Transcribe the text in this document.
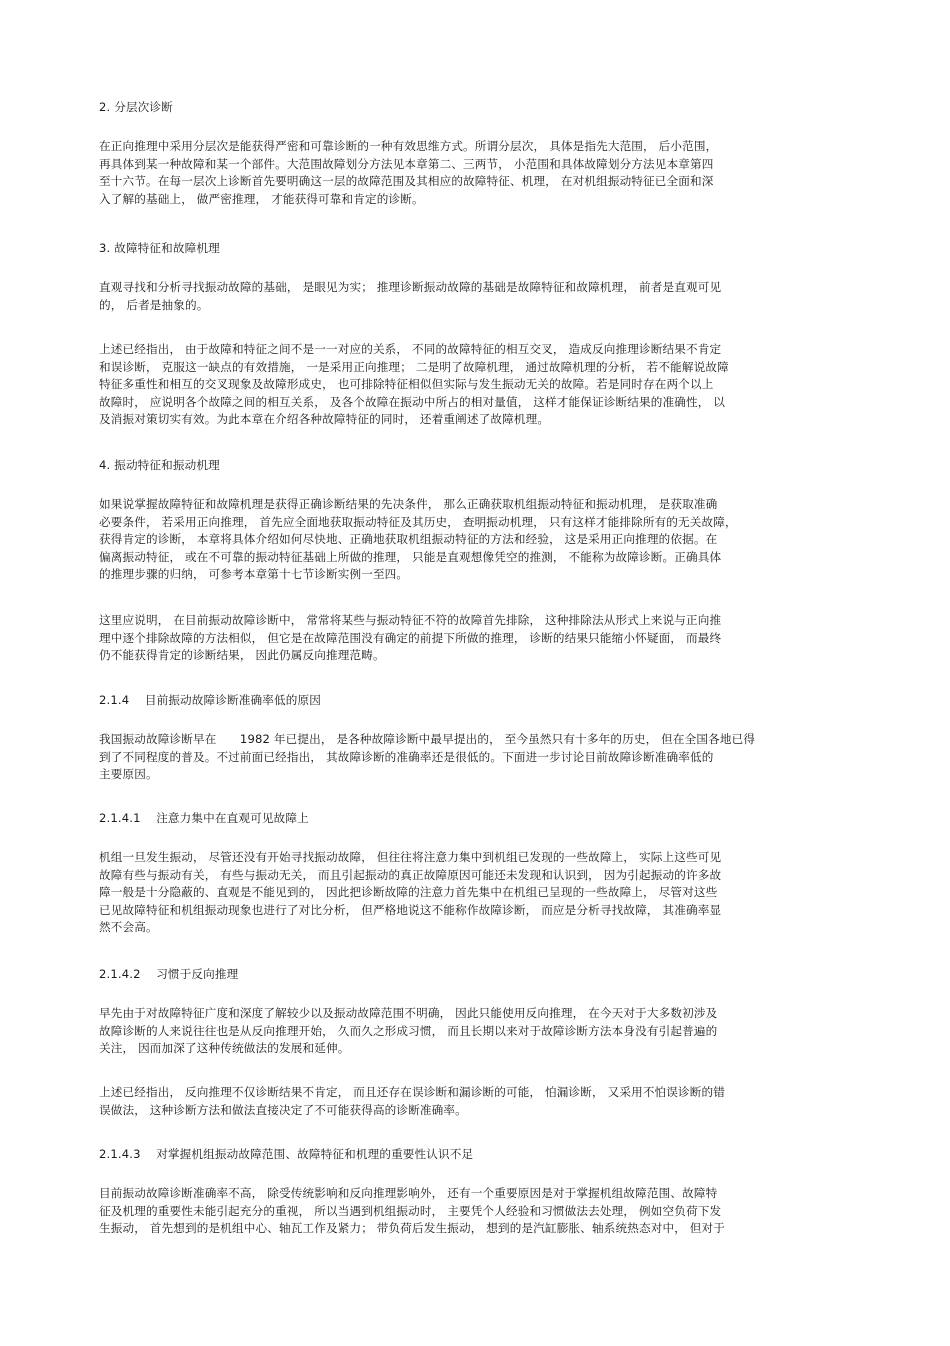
2. 分层次诊断
在正向推理中采用分层次是能获得严密和可靠诊断的一种有效思维方式。所谓分层次， 具体是指先大范围， 后小范围，
再具体到某一种故障和某一个部件。大范围故障划分方法见本章第二、三两节， 小范围和具体故障划分方法见本章第四
至十六节。在每一层次上诊断首先要明确这一层的故障范围及其相应的故障特征、机理， 在对机组振动特征已全面和深
入了解的基础上， 做严密推理， 才能获得可靠和肯定的诊断。
3. 故障特征和故障机理
直观寻找和分析寻找振动故障的基础， 是眼见为实； 推理诊断振动故障的基础是故障特征和故障机理， 前者是直观可见
的， 后者是抽象的。
上述已经指出， 由于故障和特征之间不是一一对应的关系， 不同的故障特征的相互交叉， 造成反向推理诊断结果不肯定
和误诊断， 克服这一缺点的有效措施， 一是采用正向推理； 二是明了故障机理， 通过故障机理的分析， 若不能解说故障
特征多重性和相互的交叉现象及故障形成史， 也可排除特征相似但实际与发生振动无关的故障。若是同时存在两个以上
故障时， 应说明各个故障之间的相互关系， 及各个故障在振动中所占的相对量值， 这样才能保证诊断结果的准确性， 以
及消振对策切实有效。为此本章在介绍各种故障特征的同时， 还着重阐述了故障机理。
4. 振动特征和振动机理
如果说掌握故障特征和故障机理是获得正确诊断结果的先决条件， 那么正确获取机组振动特征和振动机理， 是获取准确
必要条件， 若采用正向推理， 首先应全面地获取振动特征及其历史， 查明振动机理， 只有这样才能排除所有的无关故障，
获得肯定的诊断， 本章将具体介绍如何尽快地、正确地获取机组振动特征的方法和经验， 这是采用正向推理的依据。在
偏离振动特征， 或在不可靠的振动特征基础上所做的推理， 只能是直观想像凭空的推测， 不能称为故障诊断。正确具体
的推理步骤的归纳， 可参考本章第十七节诊断实例一至四。
这里应说明， 在目前振动故障诊断中， 常常将某些与振动特征不符的故障首先排除， 这种排除法从形式上来说与正向推
理中逐个排除故障的方法相似， 但它是在故障范围没有确定的前提下所做的推理， 诊断的结果只能缩小怀疑面， 而最终
仍不能获得肯定的诊断结果， 因此仍属反向推理范畴。
2.1.4　 目前振动故障诊断准确率低的原因
我国振动故障诊断早在　　1982 年已提出， 是各种故障诊断中最早提出的， 至今虽然只有十多年的历史， 但在全国各地已得
到了不同程度的普及。不过前面已经指出， 其故障诊断的准确率还是很低的。下面进一步讨论目前故障诊断准确率低的
主要原因。
2.1.4.1　 注意力集中在直观可见故障上
机组一旦发生振动， 尽管还没有开始寻找振动故障， 但往往将注意力集中到机组已发现的一些故障上， 实际上这些可见
故障有些与振动有关， 有些与振动无关， 而且引起振动的真正故障原因可能还未发现和认识到， 因为引起振动的许多故
障一般是十分隐蔽的、直观是不能见到的， 因此把诊断故障的注意力首先集中在机组已呈现的一些故障上， 尽管对这些
已见故障特征和机组振动现象也进行了对比分析， 但严格地说这不能称作故障诊断， 而应是分析寻找故障， 其准确率显
然不会高。
2.1.4.2　 习惯于反向推理
早先由于对故障特征广度和深度了解较少以及振动故障范围不明确， 因此只能使用反向推理， 在今天对于大多数初涉及
故障诊断的人来说往往也是从反向推理开始， 久而久之形成习惯， 而且长期以来对于故障诊断方法本身没有引起普遍的
关注， 因而加深了这种传统做法的发展和延伸。
上述已经指出， 反向推理不仅诊断结果不肯定， 而且还存在误诊断和漏诊断的可能， 怕漏诊断， 又采用不怕误诊断的错
误做法， 这种诊断方法和做法直接决定了不可能获得高的诊断准确率。
2.1.4.3　 对掌握机组振动故障范围、故障特征和机理的重要性认识不足
目前振动故障诊断准确率不高， 除受传统影响和反向推理影响外， 还有一个重要原因是对于掌握机组故障范围、故障特
征及机理的重要性未能引起充分的重视， 所以当遇到机组振动时， 主要凭个人经验和习惯做法去处理， 例如空负荷下发
生振动， 首先想到的是机组中心、轴瓦工作及紧力； 带负荷后发生振动， 想到的是汽缸膨胀、轴系统热态对中， 但对于
